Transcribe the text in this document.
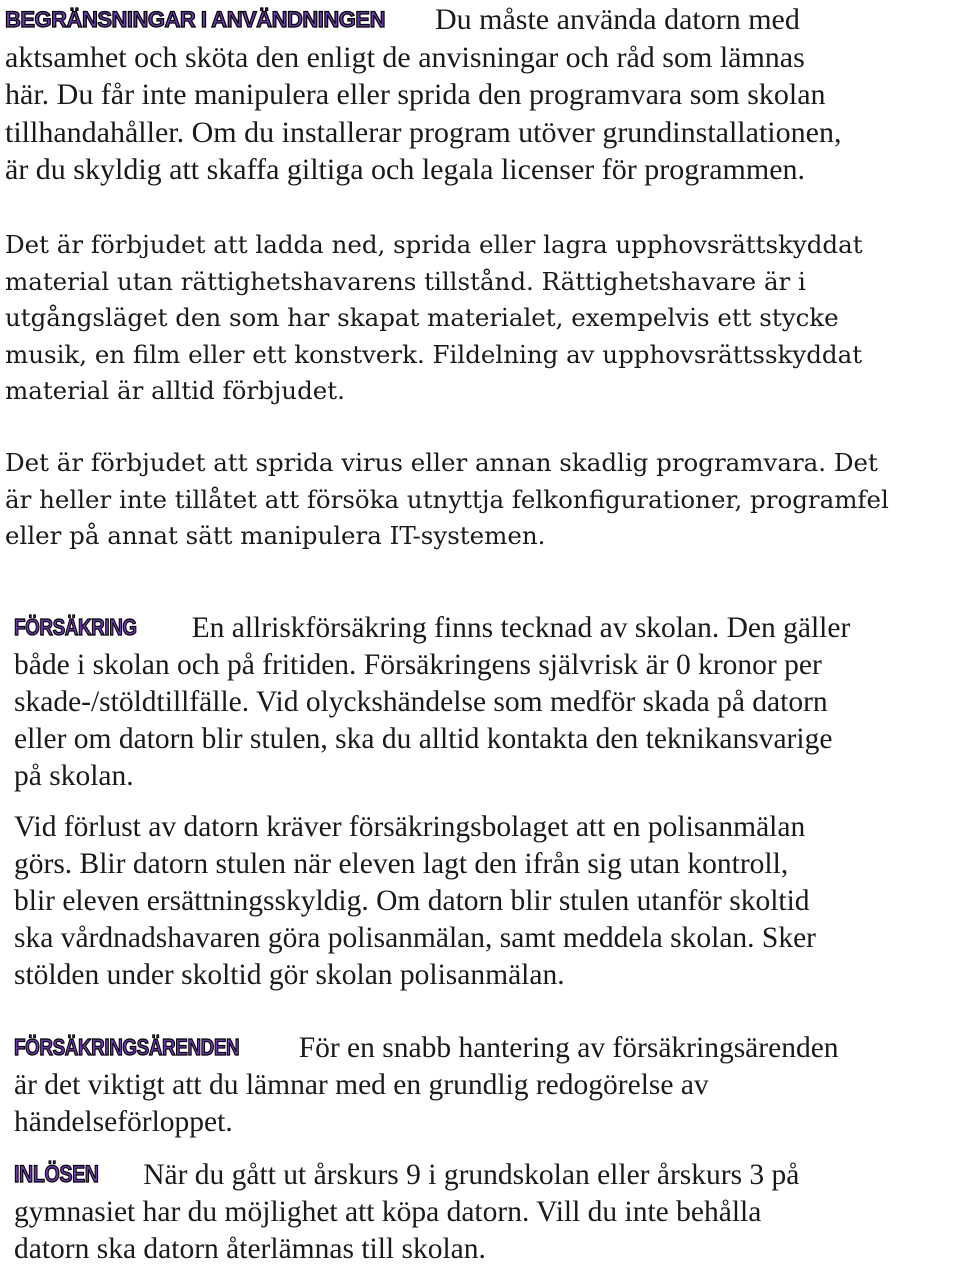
BEGRÄNSNINGAR I ANVÄNDNINGEN Du måste använda datorn med
aktsamhet och sköta den enligt de anvisningar och råd som lämnas
här. Du får inte manipulera eller sprida den programvara som skolan
tillhandahåller. Om du installerar program utöver grundinstallationen,
är du skyldig att skaffa giltiga och legala licenser för programmen.
Det är förbjudet att ladda ned, sprida eller lagra upphovsrättskyddat
material utan rättighetshavarens tillstånd. Rättighetshavare är i
utgångsläget den som har skapat materialet, exempelvis ett stycke
musik, en film eller ett konstverk. Fildelning av upphovsrättsskyddat
material är alltid förbjudet.
Det är förbjudet att sprida virus eller annan skadlig programvara. Det
är heller inte tillåtet att försöka utnyttja felkonfigurationer, programfel
eller på annat sätt manipulera IT-systemen.
FÖRSÄKRING En allriskförsäkring finns tecknad av skolan. Den gäller
både i skolan och på fritiden. Försäkringens självrisk är 0 kronor per
skade-/stöldtillfälle. Vid olyckshändelse som medför skada på datorn
eller om datorn blir stulen, ska du alltid kontakta den teknikansvarige
på skolan.
Vid förlust av datorn kräver försäkringsbolaget att en polisanmälan
görs. Blir datorn stulen när eleven lagt den ifrån sig utan kontroll,
blir eleven ersättningsskyldig. Om datorn blir stulen utanför skoltid
ska vårdnadshavaren göra polisanmälan, samt meddela skolan. Sker
stölden under skoltid gör skolan polisanmälan.
FÖRSÄKRINGSÄRENDEN För en snabb hantering av försäkringsärenden
är det viktigt att du lämnar med en grundlig redogörelse av
händelseförloppet.
INLÖSEN När du gått ut årskurs 9 i grundskolan eller årskurs 3 på
gymnasiet har du möjlighet att köpa datorn. Vill du inte behålla
datorn ska datorn återlämnas till skolan.
